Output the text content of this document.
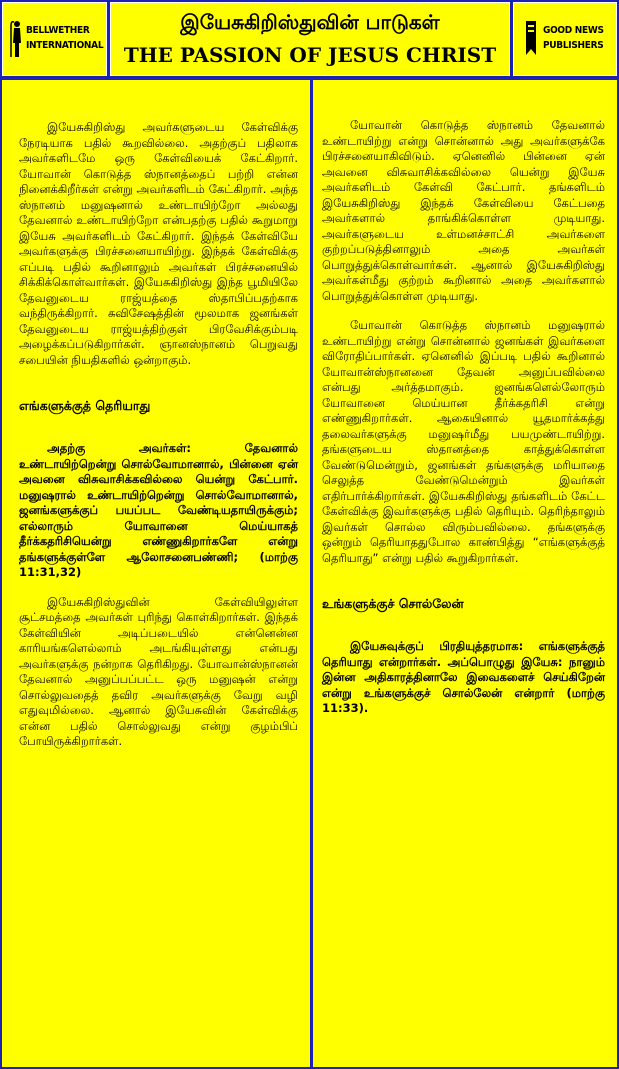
BELLWETHER
INTERNATIONAL
இயேசுகிறிஸ்துவின் பாடுகள்
THE PASSION OF JESUS CHRIST
GOOD NEWS
PUBLISHERS

இயேசுகிறிஸ்து அவர்களுடைய கேள்விக்கு நேரடியாக பதில் கூறவில்லை. அதற்குப் பதிலாக அவர்களிடமே ஒரு கேள்வியைக் கேட்கிறார். யோவான் கொடுத்த ஸ்நானத்தைப் பற்றி என்ன நினைக்கிறீர்கள் என்று அவர்களிடம் கேட்கிறார். அந்த ஸ்நானம் மனுஷனால் உண்டாயிற்றோ அல்லது தேவனால் உண்டாயிற்றோ என்பதற்கு பதில் கூறுமாறு இயேசு அவர்களிடம் கேட்கிறார். இந்தக் கேள்வியே அவர்களுக்கு பிரச்சனையாயிற்று. இந்தக் கேள்விக்கு எப்படி பதில் கூறினாலும் அவர்கள் பிரச்சனையில் சிக்கிக்கொள்வார்கள். இயேசுகிறிஸ்து இந்த பூமியிலே தேவனுடைய ராஜ்யத்தை ஸ்தாபிப்பதற்காக வந்திருக்கிறார். சுவிசேஷத்தின் மூலமாக ஜனங்கள் தேவனுடைய ராஜ்யத்திற்குள் பிரவேசிக்கும்படி அழைக்கப்படுகிறார்கள். ஞானஸ்நானம் பெறுவது சபையின் நியதிகளில் ஒன்றாகும்.

எங்களுக்குத் தெரியாது

அதற்கு அவர்கள்: தேவனால் உண்டாயிற்றென்று சொல்வோமானால், பின்னை ஏன் அவனை விசுவாசிக்கவில்லை யென்று கேட்பார். மனுஷரால் உண்டாயிற்றென்று சொல்வோமானால், ஜனங்களுக்குப் பயப்பட வேண்டியதாயிருக்கும்; எல்லாரும் யோவானை மெய்யாகத் தீர்க்கதரிசியென்று எண்ணுகிறார்களே என்று தங்களுக்குள்ளே ஆலோசனைபண்ணி; (மாற்கு 11:31,32)

இயேசுகிறிஸ்துவின் கேள்வியிலுள்ள சூட்சமத்தை அவர்கள் புரிந்து கொள்கிறார்கள். இந்தக் கேள்வியின் அடிப்படையில் என்னென்ன காரியங்களெல்லாம் அடங்கியுள்ளது என்பது அவர்களுக்கு நன்றாக தெரிகிறது. யோவான்ஸ்நானன் தேவனால் அனுப்பப்பட்ட ஒரு மனுஷன் என்று சொல்லுவதைத் தவிர அவர்களுக்கு வேறு வழி எதுவுமில்லை. ஆனால் இயேசுவின் கேள்விக்கு என்ன பதில் சொல்லுவது என்று குழம்பிப் போயிருக்கிறார்கள்.

யோவான் கொடுத்த ஸ்நானம் தேவனால் உண்டாயிற்று என்று சொன்னால் அது அவர்களுக்கே பிரச்சனையாகிவிடும். ஏனெனில் பின்னை ஏன் அவனை விசுவாசிக்கவில்லை யென்று இயேசு அவர்களிடம் கேள்வி கேட்பார். தங்களிடம் இயேசுகிறிஸ்து இந்தக் கேள்வியை கேட்பதை அவர்களால் தாங்கிக்கொள்ள முடியாது. அவர்களுடைய உள்மனச்சாட்சி அவர்களை குற்றப்படுத்தினாலும் அதை அவர்கள் பொறுத்துக்கொள்வார்கள். ஆனால் இயேசுகிறிஸ்து அவர்கள்மீது குற்றம் கூறினால் அதை அவர்களால் பொறுத்துக்கொள்ள முடியாது.

யோவான் கொடுத்த ஸ்நானம் மனுஷரால் உண்டாயிற்று என்று சொன்னால் ஜனங்கள் இவர்களை விரோதிப்பார்கள். ஏனெனில் இப்படி பதில் கூறினால் யோவான்ஸ்நானனை தேவன் அனுப்பவில்லை என்பது அர்த்தமாகும். ஜனங்களெல்லோரும் யோவானை மெய்யான தீர்க்கதரிசி என்று எண்ணுகிறார்கள். ஆகையினால் யூதமார்க்கத்து தலைவர்களுக்கு மனுஷர்மீது பயமுண்டாயிற்று. தங்களுடைய ஸ்தானத்தை காத்துக்கொள்ள வேண்டுமென்றும், ஜனங்கள் தங்களுக்கு மரியாதை செலுத்த வேண்டுமென்றும் இவர்கள் எதிர்பார்க்கிறார்கள். இயேசுகிறிஸ்து தங்களிடம் கேட்ட கேள்விக்கு இவர்களுக்கு பதில் தெரியும். தெரிந்தாலும் இவர்கள் சொல்ல விரும்பவில்லை. தங்களுக்கு ஒன்றும் தெரியாததுபோல காண்பித்து “எங்களுக்குத் தெரியாது” என்று பதில் கூறுகிறார்கள்.

உங்களுக்குச் சொல்லேன்

இயேசுவுக்குப் பிரதியுத்தரமாக: எங்களுக்குத் தெரியாது என்றார்கள். அப்பொழுது இயேசு: நானும் இன்ன அதிகாரத்தினாலே இவைகளைச் செய்கிறேன் என்று உங்களுக்குச் சொல்லேன் என்றார் (மாற்கு 11:33).
